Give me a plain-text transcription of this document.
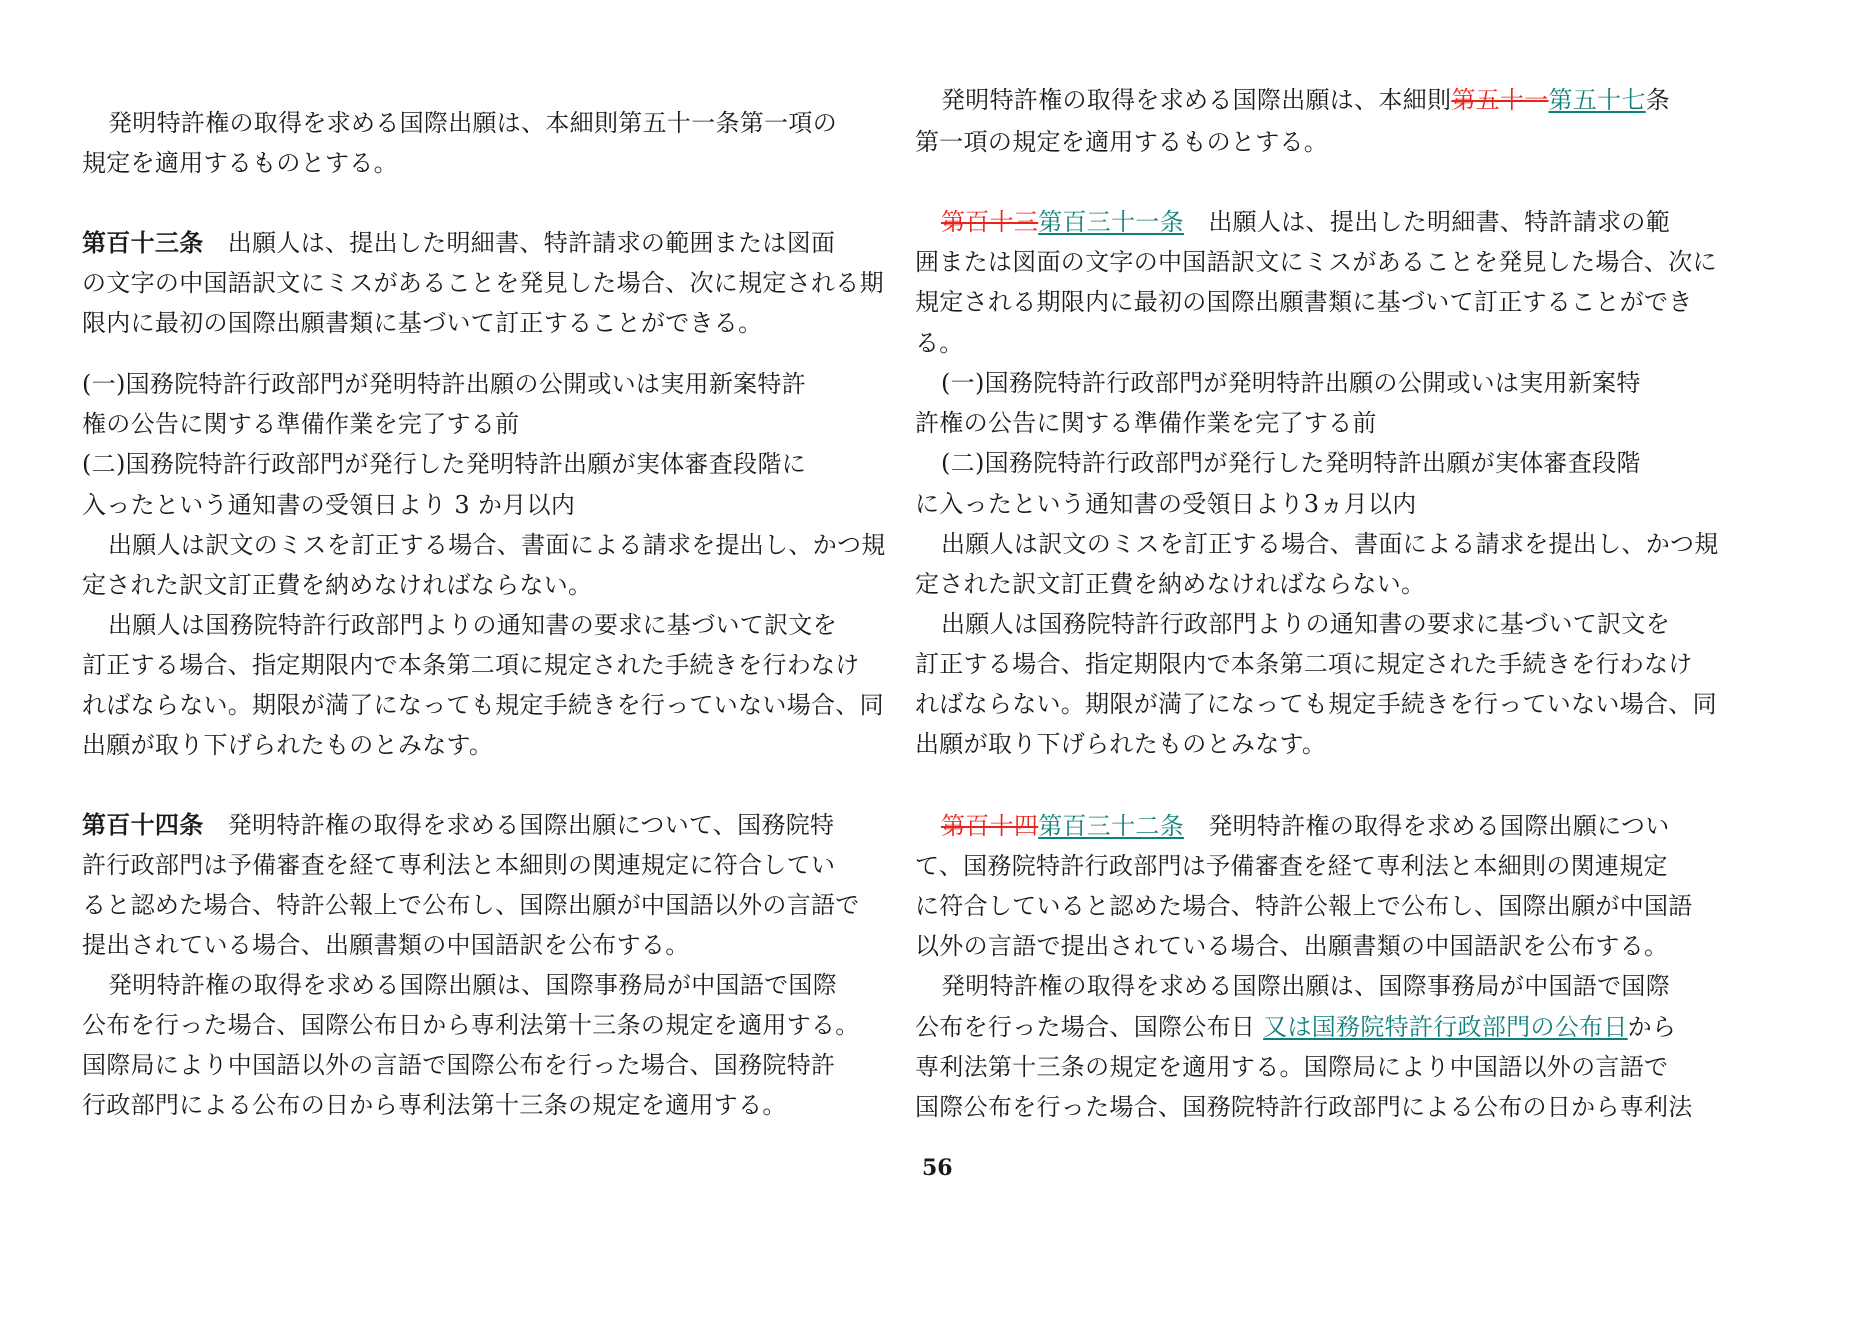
発明特許権の取得を求める国際出願は、本細則第五十一条第一項の
規定を適用するものとする。
第百十三条　出願人は、提出した明細書、特許請求の範囲または図面
の文字の中国語訳文にミスがあることを発見した場合、次に規定される期
限内に最初の国際出願書類に基づいて訂正することができる。
(一)国務院特許行政部門が発明特許出願の公開或いは実用新案特許
権の公告に関する準備作業を完了する前
(二)国務院特許行政部門が発行した発明特許出願が実体審査段階に
入ったという通知書の受領日より 3 か月以内
出願人は訳文のミスを訂正する場合、書面による請求を提出し、かつ規
定された訳文訂正費を納めなければならない。
出願人は国務院特許行政部門よりの通知書の要求に基づいて訳文を
訂正する場合、指定期限内で本条第二項に規定された手続きを行わなけ
ればならない。期限が満了になっても規定手続きを行っていない場合、同
出願が取り下げられたものとみなす。
第百十四条　発明特許権の取得を求める国際出願について、国務院特
許行政部門は予備審査を経て専利法と本細則の関連規定に符合してい
ると認めた場合、特許公報上で公布し、国際出願が中国語以外の言語で
提出されている場合、出願書類の中国語訳を公布する。
発明特許権の取得を求める国際出願は、国際事務局が中国語で国際
公布を行った場合、国際公布日から専利法第十三条の規定を適用する。
国際局により中国語以外の言語で国際公布を行った場合、国務院特許
行政部門による公布の日から専利法第十三条の規定を適用する。
発明特許権の取得を求める国際出願は、本細則第五十一第五十七条
第一項の規定を適用するものとする。
第百十三第百三十一条　出願人は、提出した明細書、特許請求の範
囲または図面の文字の中国語訳文にミスがあることを発見した場合、次に
規定される期限内に最初の国際出願書類に基づいて訂正することができ
る。
(一)国務院特許行政部門が発明特許出願の公開或いは実用新案特
許権の公告に関する準備作業を完了する前
(二)国務院特許行政部門が発行した発明特許出願が実体審査段階
に入ったという通知書の受領日より3ヵ月以内
出願人は訳文のミスを訂正する場合、書面による請求を提出し、かつ規
定された訳文訂正費を納めなければならない。
出願人は国務院特許行政部門よりの通知書の要求に基づいて訳文を
訂正する場合、指定期限内で本条第二項に規定された手続きを行わなけ
ればならない。期限が満了になっても規定手続きを行っていない場合、同
出願が取り下げられたものとみなす。
第百十四第百三十二条　発明特許権の取得を求める国際出願につい
て、国務院特許行政部門は予備審査を経て専利法と本細則の関連規定
に符合していると認めた場合、特許公報上で公布し、国際出願が中国語
以外の言語で提出されている場合、出願書類の中国語訳を公布する。
発明特許権の取得を求める国際出願は、国際事務局が中国語で国際
公布を行った場合、国際公布日 又は国務院特許行政部門の公布日から
専利法第十三条の規定を適用する。国際局により中国語以外の言語で
国際公布を行った場合、国務院特許行政部門による公布の日から専利法
56
